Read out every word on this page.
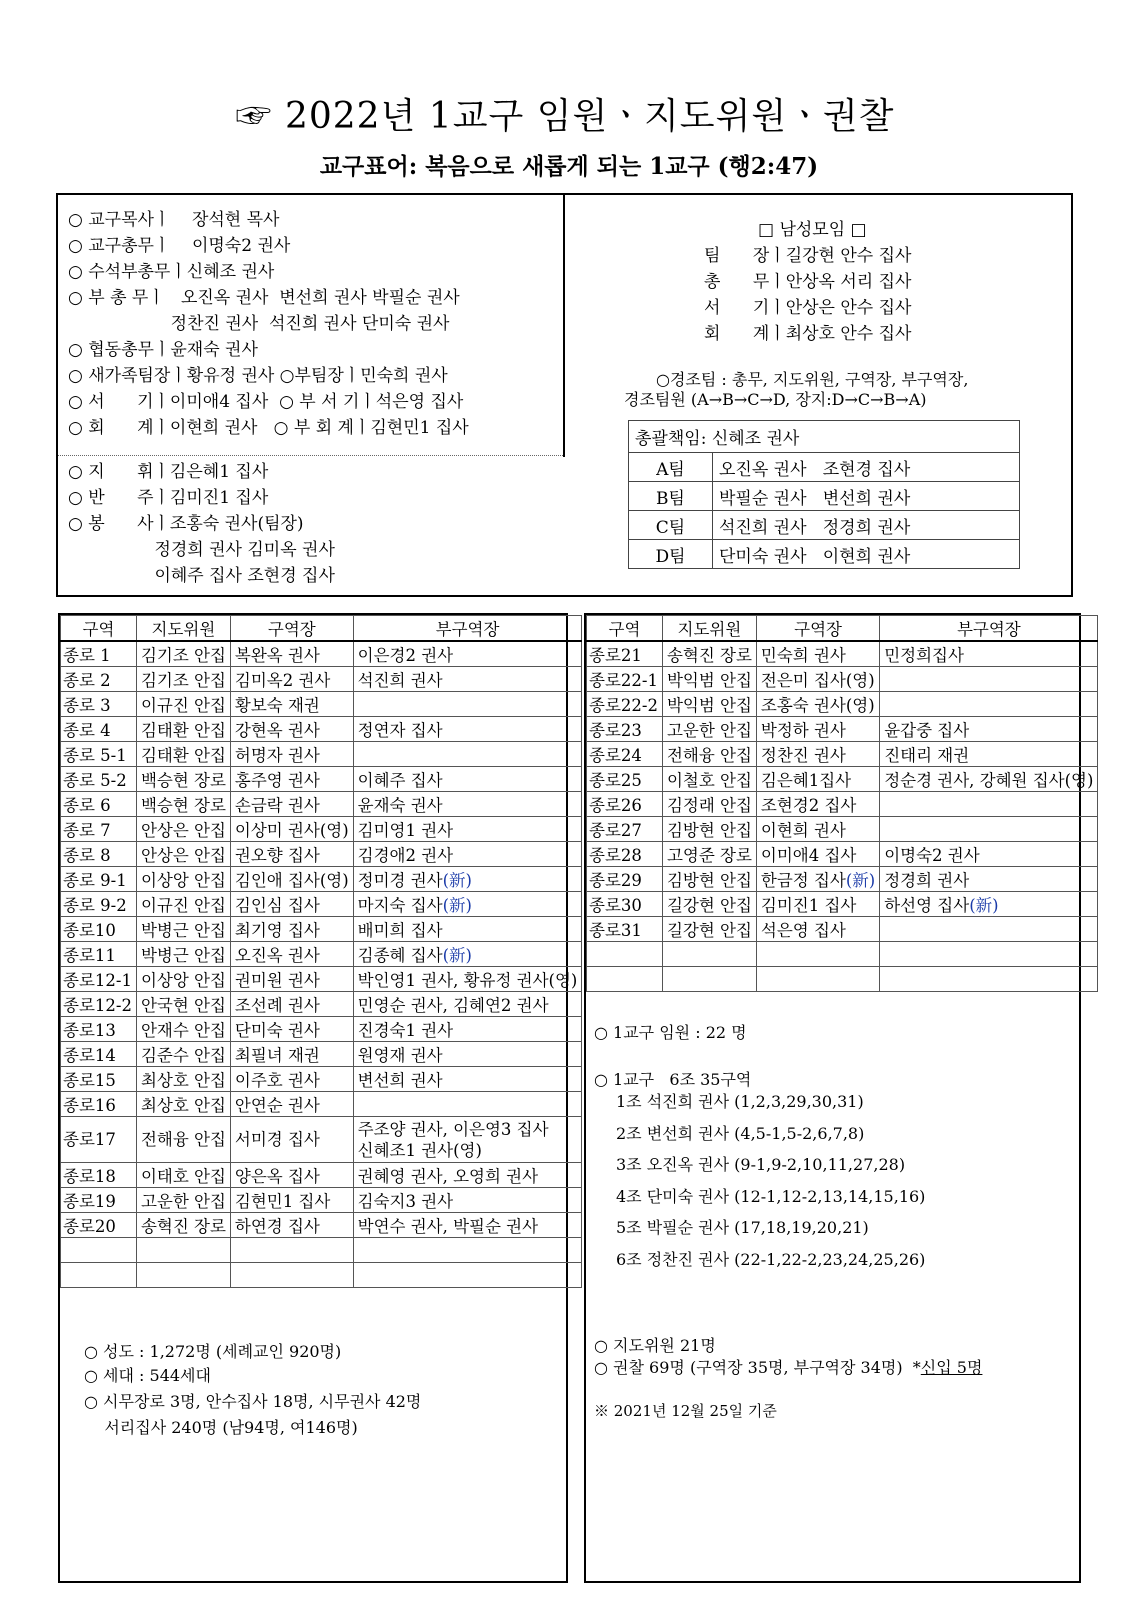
☞ 2022년 1교구 임원ㆍ지도위원ㆍ권찰
교구표어: 복음으로 새롭게 되는 1교구 (행2:47)
○ 교구목사ㅣ    장석현 목사
○ 교구총무ㅣ    이명숙2 권사
○ 수석부총무ㅣ신혜조 권사
○ 부 총 무ㅣ   오진옥 권사  변선희 권사 박필순 권사
정찬진 권사  석진희 권사 단미숙 권사
○ 협동총무ㅣ윤재숙 권사
○ 새가족팀장ㅣ황유정 권사 ○부팀장ㅣ민숙희 권사
○ 서      기ㅣ이미애4 집사  ○ 부 서 기ㅣ석은영 집사
○ 회      계ㅣ이현희 권사   ○ 부 회 계ㅣ김현민1 집사
○ 지      휘ㅣ김은혜1 집사
○ 반      주ㅣ김미진1 집사
○ 봉      사ㅣ조홍숙 권사(팀장)
정경희 권사 김미옥 권사
이혜주 집사 조현경 집사
□ 남성모임 □
팀      장ㅣ길강현 안수 집사
총      무ㅣ안상옥 서리 집사
서      기ㅣ안상은 안수 집사
회      계ㅣ최상호 안수 집사
○경조팀 : 총무, 지도위원, 구역장, 부구역장,
경조팀원 (A→B→C→D, 장지:D→C→B→A)
총괄책임: 신혜조 권사	
A팀	오진옥 권사   조현경 집사
B팀	박필순 권사   변선희 권사
C팀	석진희 권사   정경희 권사
D팀	단미숙 권사   이현희 권사
구역	지도위원	구역장	부구역장
종로 1	김기조 안집	복완옥 권사	이은경2 권사
종로 2	김기조 안집	김미옥2 권사	석진희 권사
종로 3	이규진 안집	황보숙 재권	
종로 4	김태환 안집	강현옥 권사	정연자 집사
종로 5-1	김태환 안집	허명자 권사	
종로 5-2	백승현 장로	홍주영 권사	이혜주 집사
종로 6	백승현 장로	손금락 권사	윤재숙 권사
종로 7	안상은 안집	이상미 권사(영)	김미영1 권사
종로 8	안상은 안집	권오향 집사	김경애2 권사
종로 9-1	이상앙 안집	김인애 집사(영)	정미경 권사(新)
종로 9-2	이규진 안집	김인심 집사	마지숙 집사(新)
종로10	박병근 안집	최기영 집사	배미희 집사
종로11	박병근 안집	오진옥 권사	김종혜 집사(新)
종로12-1	이상앙 안집	권미원 권사	박인영1 권사, 황유정 권사(영)
종로12-2	안국현 안집	조선례 권사	민영순 권사, 김혜연2 권사
종로13	안재수 안집	단미숙 권사	진경숙1 권사
종로14	김준수 안집	최필녀 재권	원영재 권사
종로15	최상호 안집	이주호 권사	변선희 권사
종로16	최상호 안집	안연순 권사	
종로17	전해융 안집	서미경 집사	주조양 권사, 이은영3 집사
신혜조1 권사(영)
종로18	이태호 안집	양은옥 집사	권혜영 권사, 오영희 권사
종로19	고운한 안집	김현민1 집사	김숙지3 권사
종로20	송혁진 장로	하연경 집사	박연수 권사, 박필순 권사

○ 성도 : 1,272명 (세례교인 920명)
○ 세대 : 544세대
○ 시무장로 3명, 안수집사 18명, 시무권사 42명
서리집사 240명 (남94명, 여146명)
구역	지도위원	구역장	부구역장
종로21	송혁진 장로	민숙희 권사	민정희집사
종로22-1	박익범 안집	전은미 집사(영)	
종로22-2	박익범 안집	조홍숙 권사(영)	
종로23	고운한 안집	박정하 권사	윤갑중 집사
종로24	전해융 안집	정찬진 권사	진태리 재권
종로25	이철호 안집	김은혜1집사	정순경 권사, 강혜원 집사(영)
종로26	김정래 안집	조현경2 집사	
종로27	김방현 안집	이현희 권사	
종로28	고영준 장로	이미애4 집사	이명숙2 권사
종로29	김방현 안집	한금정 집사(新)	정경희 권사
종로30	길강현 안집	김미진1 집사	하선영 집사(新)
종로31	길강현 안집	석은영 집사	

○ 1교구 임원 : 22 명
○ 1교구   6조 35구역
1조 석진희 권사 (1,2,3,29,30,31)
2조 변선희 권사 (4,5-1,5-2,6,7,8)
3조 오진옥 권사 (9-1,9-2,10,11,27,28)
4조 단미숙 권사 (12-1,12-2,13,14,15,16)
5조 박필순 권사 (17,18,19,20,21)
6조 정찬진 권사 (22-1,22-2,23,24,25,26)
○ 지도위원 21명
○ 권찰 69명 (구역장 35명, 부구역장 34명)  *신입 5명
※ 2021년 12월 25일 기준
